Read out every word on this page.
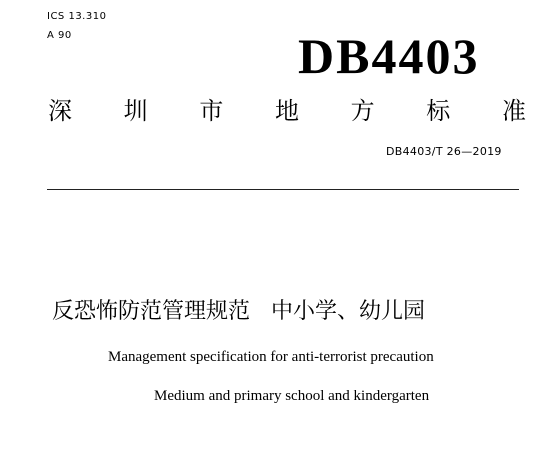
ICS 13.310
A 90	DB4403
深 圳 市 地 方 标 准
DB4403/T 26—2019
反恐怖防范管理规范   中小学、幼儿园
Management specification for anti-terrorist precaution
Medium and primary school and kindergarten
